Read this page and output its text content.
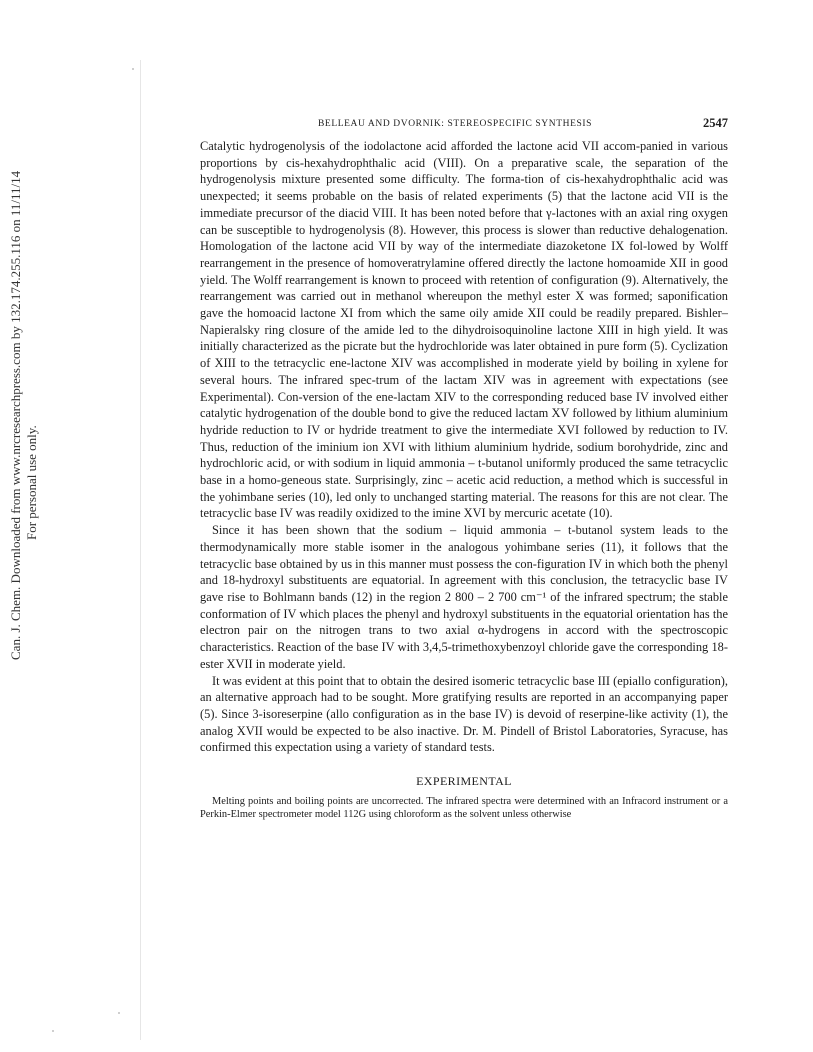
Can. J. Chem. Downloaded from www.nrcresearchpress.com by 132.174.255.116 on 11/11/14 For personal use only.
BELLEAU AND DVORNIK: STEREOSPECIFIC SYNTHESIS	2547

Catalytic hydrogenolysis of the iodolactone acid afforded the lactone acid VII accom-panied in various proportions by cis-hexahydrophthalic acid (VIII). On a preparative scale, the separation of the hydrogenolysis mixture presented some difficulty. The forma-tion of cis-hexahydrophthalic acid was unexpected; it seems probable on the basis of related experiments (5) that the lactone acid VII is the immediate precursor of the diacid VIII. It has been noted before that γ-lactones with an axial ring oxygen can be susceptible to hydrogenolysis (8). However, this process is slower than reductive dehalogenation. Homologation of the lactone acid VII by way of the intermediate diazoketone IX fol-lowed by Wolff rearrangement in the presence of homoveratrylamine offered directly the lactone homoamide XII in good yield. The Wolff rearrangement is known to proceed with retention of configuration (9). Alternatively, the rearrangement was carried out in methanol whereupon the methyl ester X was formed; saponification gave the homoacid lactone XI from which the same oily amide XII could be readily prepared. Bishler–Napieralsky ring closure of the amide led to the dihydroisoquinoline lactone XIII in high yield. It was initially characterized as the picrate but the hydrochloride was later obtained in pure form (5). Cyclization of XIII to the tetracyclic ene-lactone XIV was accomplished in moderate yield by boiling in xylene for several hours. The infrared spec-trum of the lactam XIV was in agreement with expectations (see Experimental). Con-version of the ene-lactam XIV to the corresponding reduced base IV involved either catalytic hydrogenation of the double bond to give the reduced lactam XV followed by lithium aluminium hydride reduction to IV or hydride treatment to give the intermediate XVI followed by reduction to IV. Thus, reduction of the iminium ion XVI with lithium aluminium hydride, sodium borohydride, zinc and hydrochloric acid, or with sodium in liquid ammonia – t-butanol uniformly produced the same tetracyclic base in a homo-geneous state. Surprisingly, zinc – acetic acid reduction, a method which is successful in the yohimbane series (10), led only to unchanged starting material. The reasons for this are not clear. The tetracyclic base IV was readily oxidized to the imine XVI by mercuric acetate (10).

Since it has been shown that the sodium – liquid ammonia – t-butanol system leads to the thermodynamically more stable isomer in the analogous yohimbane series (11), it follows that the tetracyclic base obtained by us in this manner must possess the con-figuration IV in which both the phenyl and 18-hydroxyl substituents are equatorial. In agreement with this conclusion, the tetracyclic base IV gave rise to Bohlmann bands (12) in the region 2 800 – 2 700 cm⁻¹ of the infrared spectrum; the stable conformation of IV which places the phenyl and hydroxyl substituents in the equatorial orientation has the electron pair on the nitrogen trans to two axial α-hydrogens in accord with the spectroscopic characteristics. Reaction of the base IV with 3,4,5-trimethoxybenzoyl chloride gave the corresponding 18-ester XVII in moderate yield.

It was evident at this point that to obtain the desired isomeric tetracyclic base III (epiallo configuration), an alternative approach had to be sought. More gratifying results are reported in an accompanying paper (5). Since 3-isoreserpine (allo configuration as in the base IV) is devoid of reserpine-like activity (1), the analog XVII would be expected to be also inactive. Dr. M. Pindell of Bristol Laboratories, Syracuse, has confirmed this expectation using a variety of standard tests.

EXPERIMENTAL

Melting points and boiling points are uncorrected. The infrared spectra were determined with an Infracord instrument or a Perkin-Elmer spectrometer model 112G using chloroform as the solvent unless otherwise
